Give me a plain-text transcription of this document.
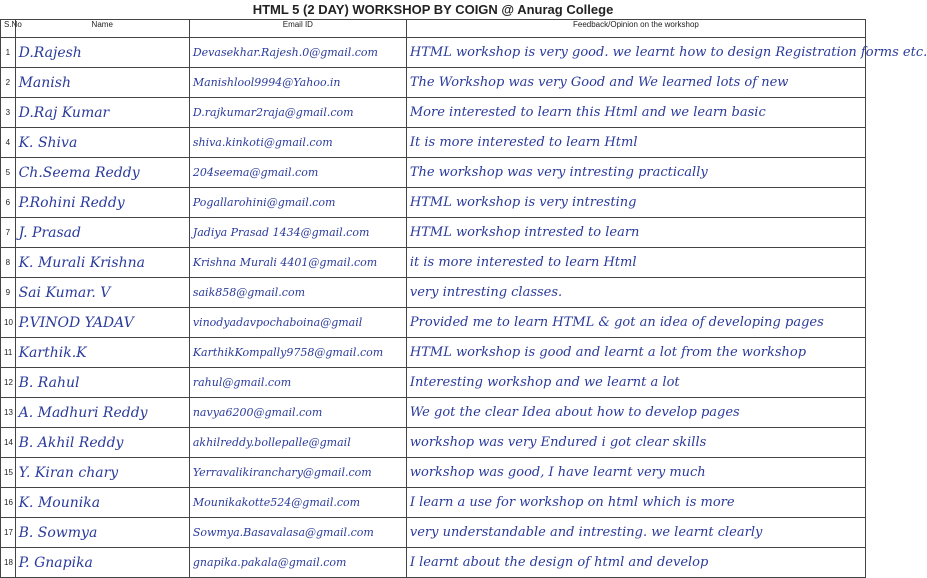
HTML 5 (2 DAY) WORKSHOP BY COIGN @ Anurag College
S.No	Name	Email ID	Feedback/Opinion on the workshop
1	D.Rajesh	Devasekhar.Rajesh.0@gmail.com	HTML workshop is very good. we learnt how to design Registration forms etc.
2	Manish	Manishlool9994@Yahoo.in	The Workshop was very Good and We learned lots of new
3	D.Raj Kumar	D.rajkumar2raja@gmail.com	More interested to learn this Html and we learn basic
4	K. Shiva	shiva.kinkoti@gmail.com	It is more interested to learn Html
5	Ch.Seema Reddy	204seema@gmail.com	The workshop was very intresting practically
6	P.Rohini Reddy	Pogallarohini@gmail.com	HTML workshop is very intresting
7	J. Prasad	Jadiya Prasad 1434@gmail.com	HTML workshop intrested to learn
8	K. Murali Krishna	Krishna Murali 4401@gmail.com	it is more interested to learn Html
9	Sai Kumar. V	saik858@gmail.com	very intresting classes.
10	P.VINOD YADAV	vinodyadavpochaboina@gmail	Provided me to learn HTML & got an idea of developing pages
11	Karthik.K	KarthikKompally9758@gmail.com	HTML workshop is good and learnt a lot from the workshop
12	B. Rahul	rahul@gmail.com	Interesting workshop and we learnt a lot
13	A. Madhuri Reddy	navya6200@gmail.com	We got the clear Idea about how to develop pages
14	B. Akhil Reddy	akhilreddy.bollepalle@gmail	workshop was very Endured i got clear skills
15	Y. Kiran chary	Yerravalikiranchary@gmail.com	workshop was good, I have learnt very much
16	K. Mounika	Mounikakotte524@gmail.com	I learn a use for workshop on html which is more
17	B. Sowmya	Sowmya.Basavalasa@gmail.com	very understandable and intresting. we learnt clearly
18	P. Gnapika	gnapika.pakala@gmail.com	I learnt about the design of html and develop
